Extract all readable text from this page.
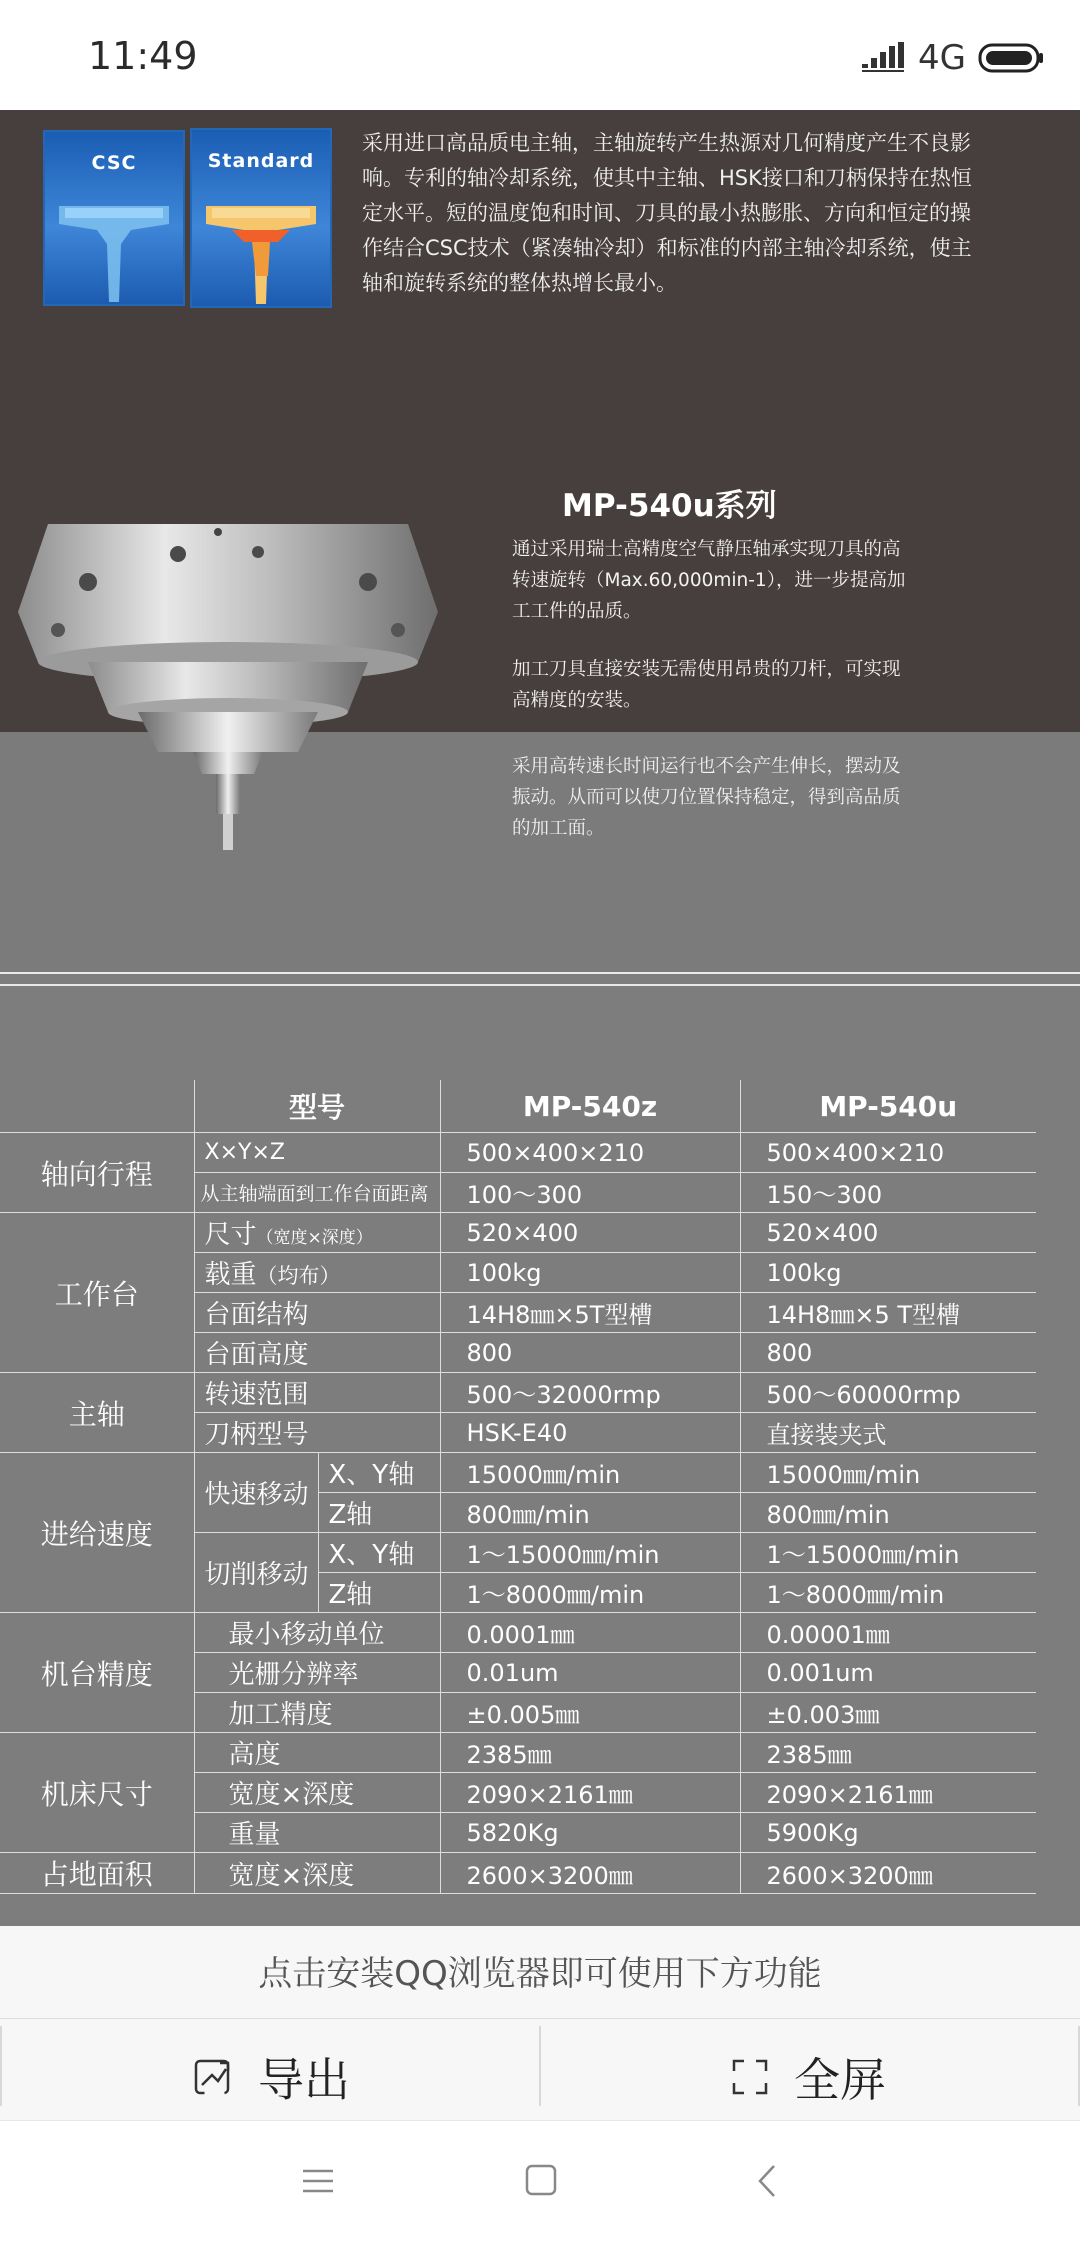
11:49	4G
CSC	Standard
采用进口高品质电主轴，主轴旋转产生热源对几何精度产生不良影响。专利的轴冷却系统，使其中主轴、HSK接口和刀柄保持在热恒定水平。短的温度饱和时间、刀具的最小热膨胀、方向和恒定的操作结合CSC技术（紧凑轴冷却）和标准的内部主轴冷却系统，使主轴和旋转系统的整体热增长最小。
MP-540u系列
通过采用瑞士高精度空气静压轴承实现刀具的高转速旋转（Max.60,000min-1），进一步提高加工工件的品质。
加工刀具直接安装无需使用昂贵的刀杆，可实现高精度的安装。
采用高转速长时间运行也不会产生伸长，摆动及振动。从而可以使刀位置保持稳定，得到高品质的加工面。
	型号		MP-540z	MP-540u
轴向行程	X×Y×Z		500×400×210	500×400×210
	从主轴端面到工作台面距离		100～300	150～300
工作台	尺寸（宽度×深度）		520×400	520×400
	载重（均布）		100kg	100kg
	台面结构		14H8㎜×5T型槽	14H8㎜×5 T型槽
	台面高度		800	800
主轴	转速范围		500～32000rmp	500～60000rmp
	刀柄型号		HSK-E40	直接装夹式
进给速度	快速移动	X、Y轴	15000㎜/min	15000㎜/min
		Z轴	800㎜/min	800㎜/min
	切削移动	X、Y轴	1～15000㎜/min	1～15000㎜/min
		Z轴	1～8000㎜/min	1～8000㎜/min
机台精度	最小移动单位		0.0001㎜	0.00001㎜
	光栅分辨率		0.01um	0.001um
	加工精度		±0.005㎜	±0.003㎜
机床尺寸	高度		2385㎜	2385㎜
	宽度×深度		2090×2161㎜	2090×2161㎜
	重量		5820Kg	5900Kg
占地面积	宽度×深度		2600×3200㎜	2600×3200㎜
点击安装QQ浏览器即可使用下方功能
导出	全屏
